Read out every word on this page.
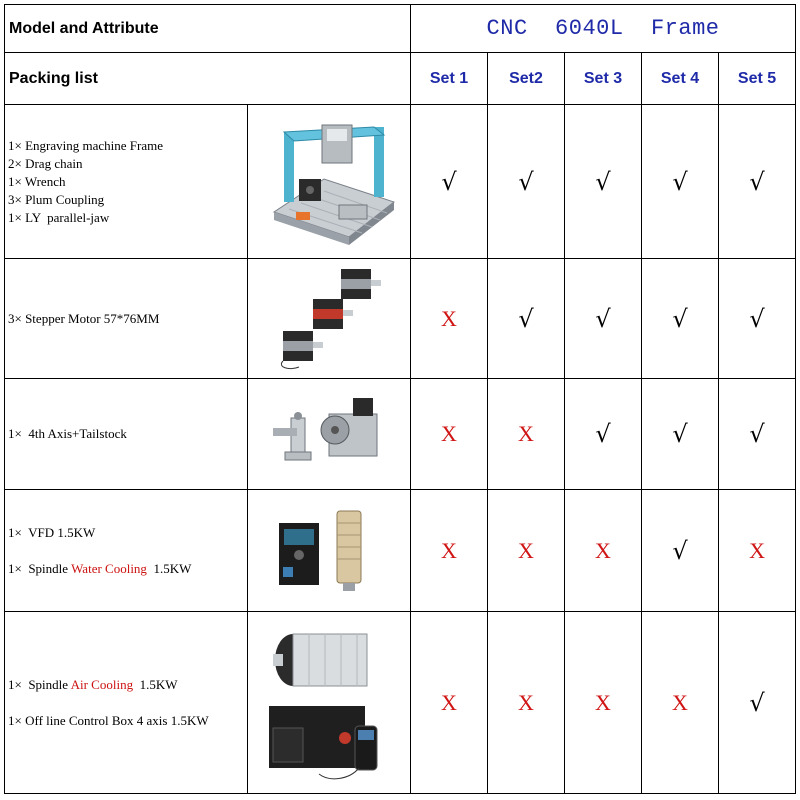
Model and Attribute		CNC  6040L  Frame				
Packing list		Set 1	Set2	Set 3	Set 4	Set 5

1× Engraving machine Frame
2× Drag chain
1× Wrench
3× Plum Coupling
1× LY  parallel-jaw		√	√	√	√	√

3× Stepper Motor 57*76MM		X	√	√	√	√

1×  4th Axis+Tailstock		X	X	√	√	√

1×  VFD 1.5KW
1×  Spindle Water Cooling  1.5KW		X	X	X	√	X

1×  Spindle Air Cooling  1.5KW
1× Off line Control Box 4 axis 1.5KW		X	X	X	X	√
